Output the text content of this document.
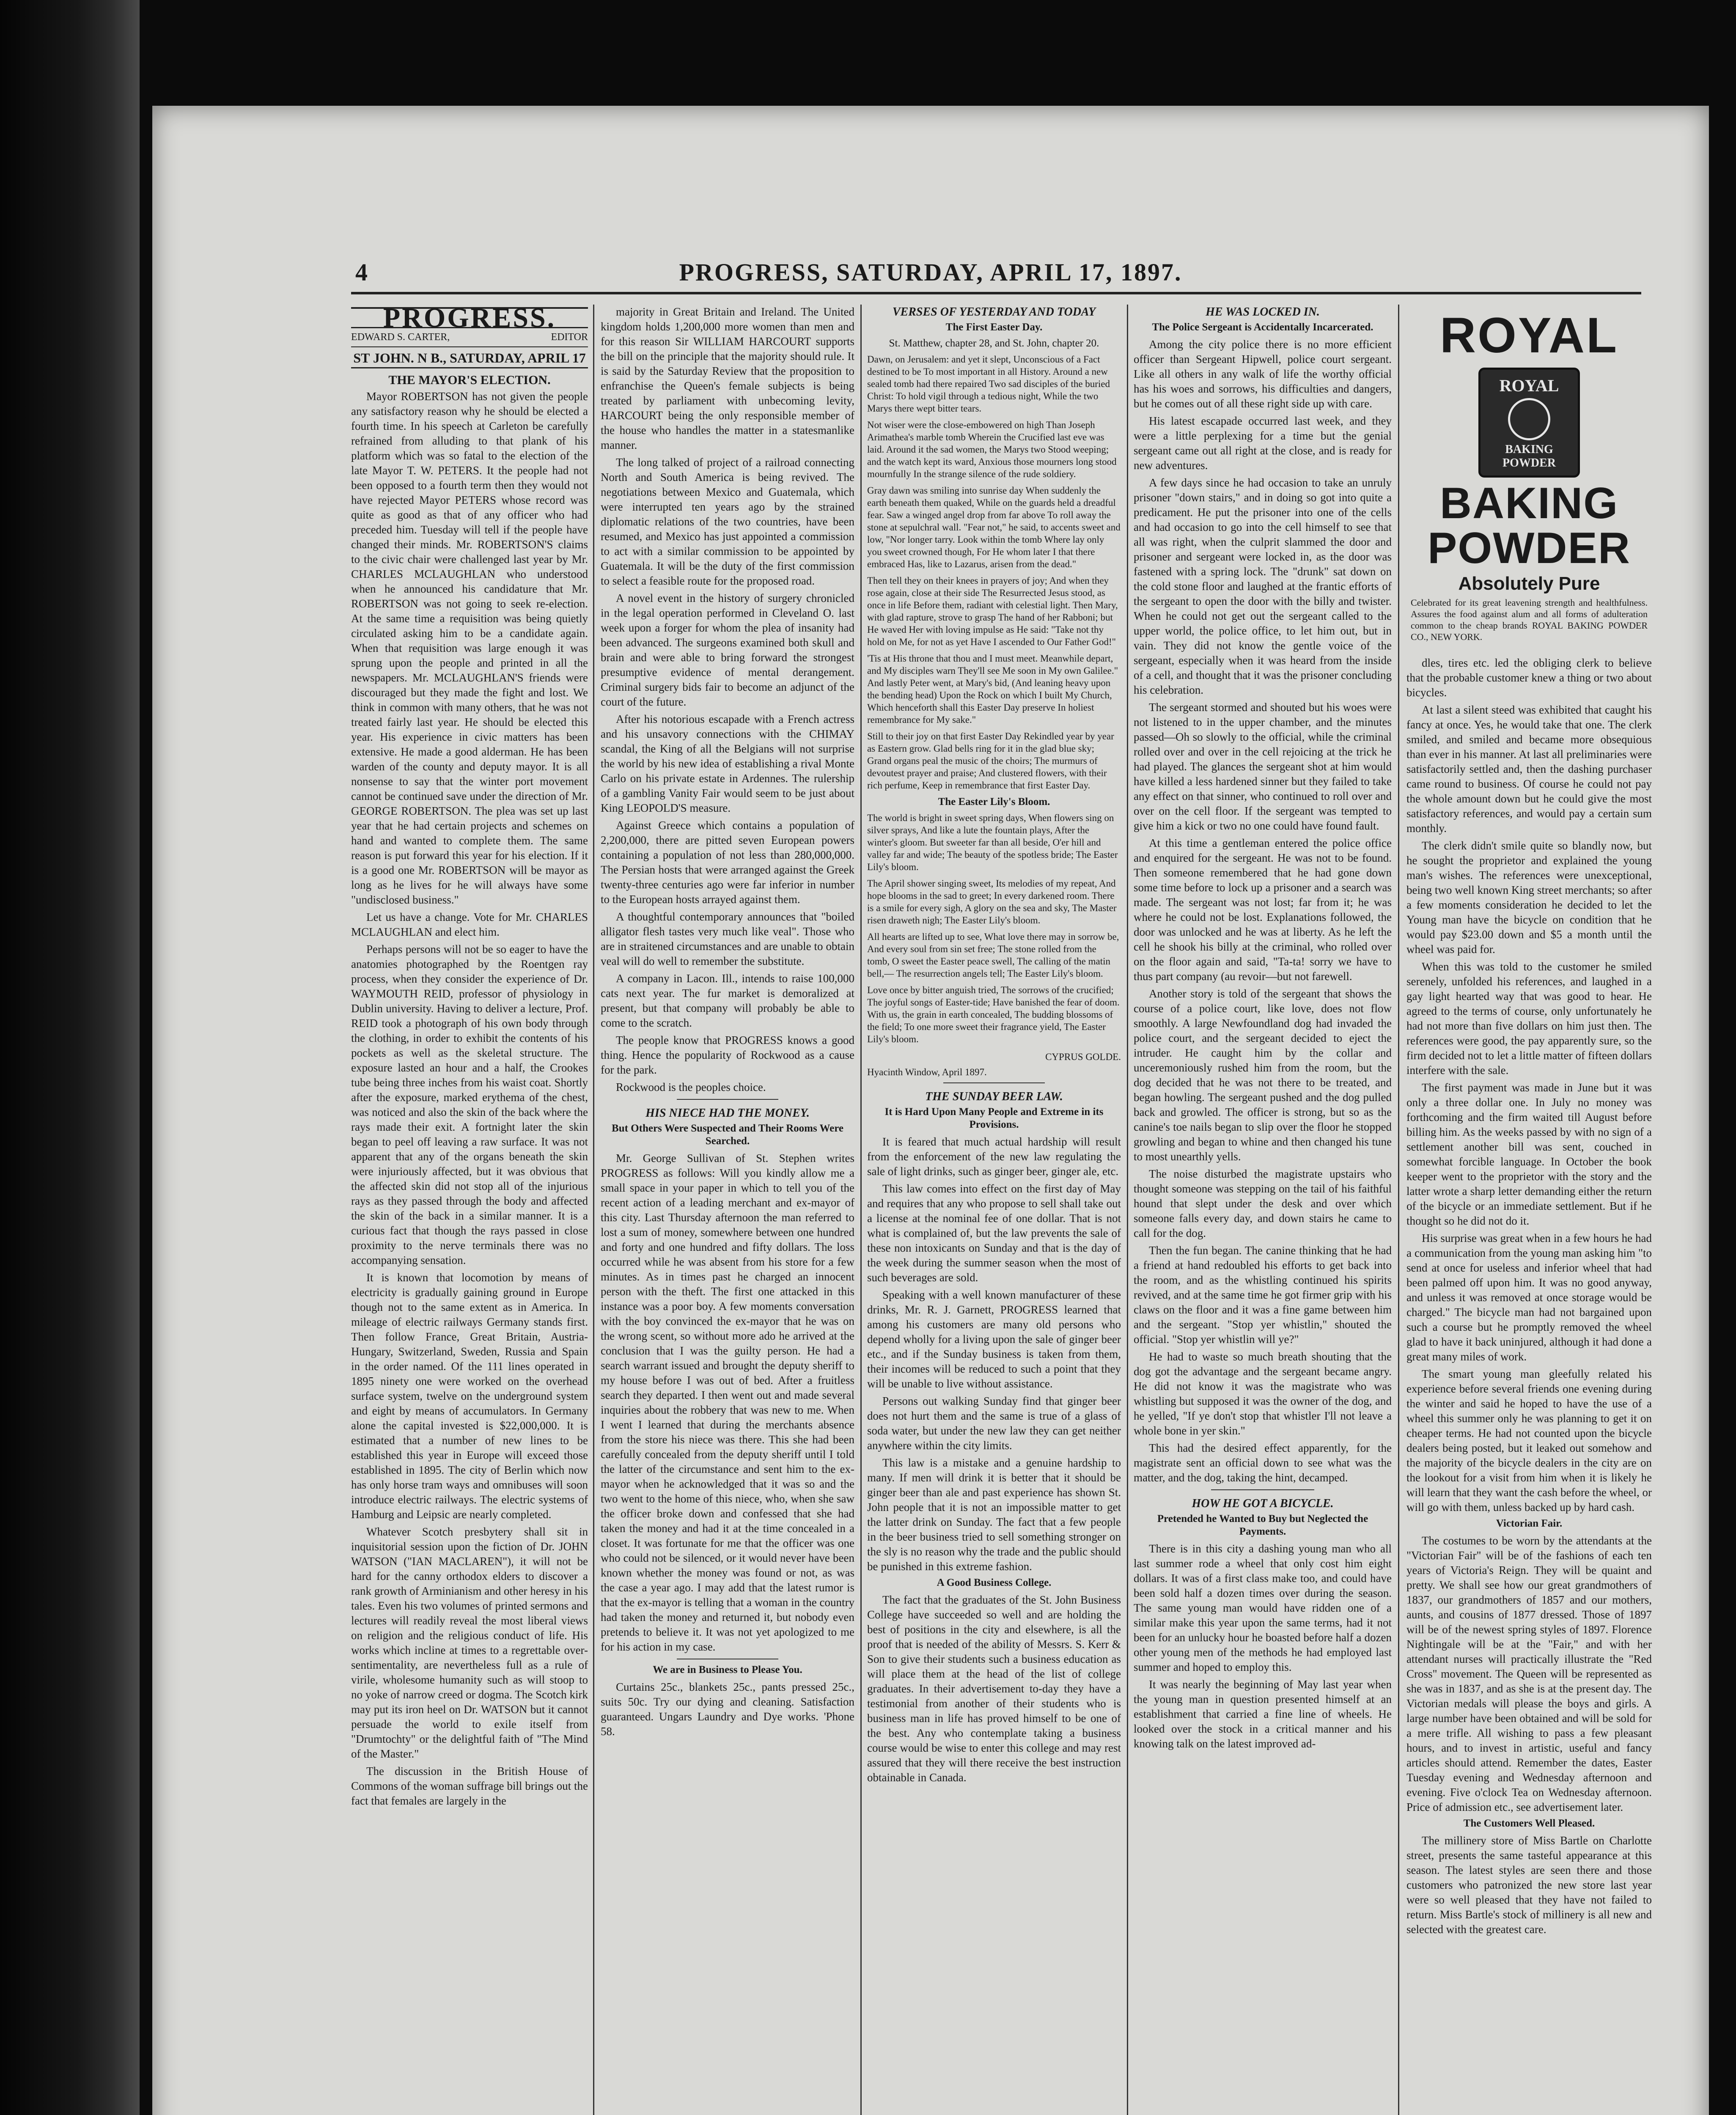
4	PROGRESS, SATURDAY, APRIL 17, 1897.
PROGRESS.
EDWARD S. CARTER,	EDITOR
ST JOHN. N B., SATURDAY, APRIL 17
THE MAYOR'S ELECTION.

Mayor ROBERTSON has not given the people any satisfactory reason why he should be elected a fourth time. In his speech at Carleton be carefully refrained from alluding to that plank of his platform which was so fatal to the election of the late Mayor T. W. PETERS. It the people had not been opposed to a fourth term then they would not have rejected Mayor PETERS whose record was quite as good as that of any officer who had preceded him. Tuesday will tell if the people have changed their minds. Mr. ROBERTSON'S claims to the civic chair were challenged last year by Mr. CHARLES MCLAUGHLAN who understood when he announced his candidature that Mr. ROBERTSON was not going to seek re-election. At the same time a requisition was being quietly circulated asking him to be a candidate again. When that requisition was large enough it was sprung upon the people and printed in all the newspapers. Mr. MCLAUGHLAN'S friends were discouraged but they made the fight and lost. We think in common with many others, that he was not treated fairly last year. He should be elected this year. His experience in civic matters has been extensive. He made a good alderman. He has been warden of the county and deputy mayor. It is all nonsense to say that the winter port movement cannot be continued save under the direction of Mr. GEORGE ROBERTSON. The plea was set up last year that he had certain projects and schemes on hand and wanted to complete them. The same reason is put forward this year for his election. If it is a good one Mr. ROBERTSON will be mayor as long as he lives for he will always have some "undisclosed business."

Let us have a change. Vote for Mr. CHARLES MCLAUGHLAN and elect him.

Perhaps persons will not be so eager to have the anatomies photographed by the Roentgen ray process, when they consider the experience of Dr. WAYMOUTH REID, professor of physiology in Dublin university. Having to deliver a lecture, Prof. REID took a photograph of his own body through the clothing, in order to exhibit the contents of his pockets as well as the skeletal structure. The exposure lasted an hour and a half, the Crookes tube being three inches from his waist coat. Shortly after the exposure, marked erythema of the chest, was noticed and also the skin of the back where the rays made their exit. A fortnight later the skin began to peel off leaving a raw surface. It was not apparent that any of the organs beneath the skin were injuriously affected, but it was obvious that the affected skin did not stop all of the injurious rays as they passed through the body and affected the skin of the back in a similar manner. It is a curious fact that though the rays passed in close proximity to the nerve terminals there was no accompanying sensation.

It is known that locomotion by means of electricity is gradually gaining ground in Europe though not to the same extent as in America. In mileage of electric railways Germany stands first. Then follow France, Great Britain, Austria-Hungary, Switzerland, Sweden, Russia and Spain in the order named. Of the 111 lines operated in 1895 ninety one were worked on the overhead surface system, twelve on the underground system and eight by means of accumulators. In Germany alone the capital invested is $22,000,000. It is estimated that a number of new lines to be established this year in Europe will exceed those established in 1895. The city of Berlin which now has only horse tram ways and omnibuses will soon introduce electric railways. The electric systems of Hamburg and Leipsic are nearly completed.

Whatever Scotch presbytery shall sit in inquisitorial session upon the fiction of Dr. JOHN WATSON ("IAN MACLAREN"), it will not be hard for the canny orthodox elders to discover a rank growth of Arminianism and other heresy in his tales. Even his two volumes of printed sermons and lectures will readily reveal the most liberal views on religion and the religious conduct of life. His works which incline at times to a regrettable over-sentimentality, are nevertheless full as a rule of virile, wholesome humanity such as will stoop to no yoke of narrow creed or dogma. The Scotch kirk may put its iron heel on Dr. WATSON but it cannot persuade the world to exile itself from "Drumtochty" or the delightful faith of "The Mind of the Master."

The discussion in the British House of Commons of the woman suffrage bill brings out the fact that females are largely in the

majority in Great Britain and Ireland. The United kingdom holds 1,200,000 more women than men and for this reason Sir WILLIAM HARCOURT supports the bill on the principle that the majority should rule. It is said by the Saturday Review that the proposition to enfranchise the Queen's female subjects is being treated by parliament with unbecoming levity, HARCOURT being the only responsible member of the house who handles the matter in a statesmanlike manner.

The long talked of project of a railroad connecting North and South America is being revived. The negotiations between Mexico and Guatemala, which were interrupted ten years ago by the strained diplomatic relations of the two countries, have been resumed, and Mexico has just appointed a commission to act with a similar commission to be appointed by Guatemala. It will be the duty of the first commission to select a feasible route for the proposed road.

A novel event in the history of surgery chronicled in the legal operation performed in Cleveland O. last week upon a forger for whom the plea of insanity had been advanced. The surgeons examined both skull and brain and were able to bring forward the strongest presumptive evidence of mental derangement. Criminal surgery bids fair to become an adjunct of the court of the future.

After his notorious escapade with a French actress and his unsavory connections with the CHIMAY scandal, the King of all the Belgians will not surprise the world by his new idea of establishing a rival Monte Carlo on his private estate in Ardennes. The rulership of a gambling Vanity Fair would seem to be just about King LEOPOLD'S measure.

Against Greece which contains a population of 2,200,000, there are pitted seven European powers containing a population of not less than 280,000,000. The Persian hosts that were arranged against the Greek twenty-three centuries ago were far inferior in number to the European hosts arrayed against them.

A thoughtful contemporary announces that "boiled alligator flesh tastes very much like veal". Those who are in straitened circumstances and are unable to obtain veal will do well to remember the substitute.

A company in Lacon. Ill., intends to raise 100,000 cats next year. The fur market is demoralized at present, but that company will probably be able to come to the scratch.

The people know that PROGRESS knows a good thing. Hence the popularity of Rockwood as a cause for the park.

Rockwood is the peoples choice.

HIS NIECE HAD THE MONEY.
But Others Were Suspected and Their Rooms Were Searched.

Mr. George Sullivan of St. Stephen writes PROGRESS as follows: Will you kindly allow me a small space in your paper in which to tell you of the recent action of a leading merchant and ex-mayor of this city. Last Thursday afternoon the man referred to lost a sum of money, somewhere between one hundred and forty and one hundred and fifty dollars. The loss occurred while he was absent from his store for a few minutes. As in times past he charged an innocent person with the theft. The first one attacked in this instance was a poor boy. A few moments conversation with the boy convinced the ex-mayor that he was on the wrong scent, so without more ado he arrived at the conclusion that I was the guilty person. He had a search warrant issued and brought the deputy sheriff to my house before I was out of bed. After a fruitless search they departed. I then went out and made several inquiries about the robbery that was new to me. When I went I learned that during the merchants absence from the store his niece was there. This she had been carefully concealed from the deputy sheriff until I told the latter of the circumstance and sent him to the ex-mayor when he acknowledged that it was so and the two went to the home of this niece, who, when she saw the officer broke down and confessed that she had taken the money and had it at the time concealed in a closet. It was fortunate for me that the officer was one who could not be silenced, or it would never have been known whether the money was found or not, as was the case a year ago. I may add that the latest rumor is that the ex-mayor is telling that a woman in the country had taken the money and returned it, but nobody even pretends to believe it. It was not yet apologized to me for his action in my case.

We are in Business to Please You.

Curtains 25c., blankets 25c., pants pressed 25c., suits 50c. Try our dying and cleaning. Satisfaction guaranteed. Ungars Laundry and Dye works. 'Phone 58.

VERSES OF YESTERDAY AND TODAY
The First Easter Day.
St. Matthew, chapter 28, and St. John, chapter 20.

Dawn, on Jerusalem: and yet it slept, Unconscious of a Fact destined to be To most important in all History. Around a new sealed tomb had there repaired Two sad disciples of the buried Christ: To hold vigil through a tedious night, While the two Marys there wept bitter tears.

Not wiser were the close-embowered on high Than Joseph Arimathea's marble tomb Wherein the Crucified last eve was laid. Around it the sad women, the Marys two Stood weeping; and the watch kept its ward, Anxious those mourners long stood mournfully In the strange silence of the rude soldiery.

Gray dawn was smiling into sunrise day When suddenly the earth beneath them quaked, While on the guards held a dreadful fear. Saw a winged angel drop from far above To roll away the stone at sepulchral wall. "Fear not," he said, to accents sweet and low, "Nor longer tarry. Look within the tomb Where lay only you sweet crowned though, For He whom later I that there embraced Has, like to Lazarus, arisen from the dead."

Then tell they on their knees in prayers of joy; And when they rose again, close at their side The Resurrected Jesus stood, as once in life Before them, radiant with celestial light. Then Mary, with glad rapture, strove to grasp The hand of her Rabboni; but He waved Her with loving impulse as He said: "Take not thy hold on Me, for not as yet Have I ascended to Our Father God!"

'Tis at His throne that thou and I must meet. Meanwhile depart, and My disciples warn They'll see Me soon in My own Galilee." And lastly Peter went, at Mary's bid, (And leaning heavy upon the bending head) Upon the Rock on which I built My Church, Which henceforth shall this Easter Day preserve In holiest remembrance for My sake."

Still to their joy on that first Easter Day Rekindled year by year as Eastern grow. Glad bells ring for it in the glad blue sky; Grand organs peal the music of the choirs; The murmurs of devoutest prayer and praise; And clustered flowers, with their rich perfume, Keep in remembrance that first Easter Day.

The Easter Lily's Bloom.

The world is bright in sweet spring days, When flowers sing on silver sprays, And like a lute the fountain plays, After the winter's gloom. But sweeter far than all beside, O'er hill and valley far and wide; The beauty of the spotless bride; The Easter Lily's bloom.

The April shower singing sweet, Its melodies of my repeat, And hope blooms in the sad to greet; In every darkened room. There is a smile for every sigh, A glory on the sea and sky, The Master risen draweth nigh; The Easter Lily's bloom.

All hearts are lifted up to see, What love there may in sorrow be, And every soul from sin set free; The stone rolled from the tomb, O sweet the Easter peace swell, The calling of the matin bell,— The resurrection angels tell; The Easter Lily's bloom.

Love once by bitter anguish tried, The sorrows of the crucified; The joyful songs of Easter-tide; Have banished the fear of doom. With us, the grain in earth concealed, The budding blossoms of the field; To one more sweet their fragrance yield, The Easter Lily's bloom.

CYPRUS GOLDE.
Hyacinth Window, April 1897.
THE SUNDAY BEER LAW.
It is Hard Upon Many People and Extreme in its Provisions.

It is feared that much actual hardship will result from the enforcement of the new law regulating the sale of light drinks, such as ginger beer, ginger ale, etc.

This law comes into effect on the first day of May and requires that any who propose to sell shall take out a license at the nominal fee of one dollar. That is not what is complained of, but the law prevents the sale of these non intoxicants on Sunday and that is the day of the week during the summer season when the most of such beverages are sold.

Speaking with a well known manufacturer of these drinks, Mr. R. J. Garnett, PROGRESS learned that among his customers are many old persons who depend wholly for a living upon the sale of ginger beer etc., and if the Sunday business is taken from them, their incomes will be reduced to such a point that they will be unable to live without assistance.

Persons out walking Sunday find that ginger beer does not hurt them and the same is true of a glass of soda water, but under the new law they can get neither anywhere within the city limits.

This law is a mistake and a genuine hardship to many. If men will drink it is better that it should be ginger beer than ale and past experience has shown St. John people that it is not an impossible matter to get the latter drink on Sunday. The fact that a few people in the beer business tried to sell something stronger on the sly is no reason why the trade and the public should be punished in this extreme fashion.

A Good Business College.

The fact that the graduates of the St. John Business College have succeeded so well and are holding the best of positions in the city and elsewhere, is all the proof that is needed of the ability of Messrs. S. Kerr & Son to give their students such a business education as will place them at the head of the list of college graduates. In their advertisement to-day they have a testimonial from another of their students who is business man in life has proved himself to be one of the best. Any who contemplate taking a business course would be wise to enter this college and may rest assured that they will there receive the best instruction obtainable in Canada.

HE WAS LOCKED IN.
The Police Sergeant is Accidentally Incarcerated.

Among the city police there is no more efficient officer than Sergeant Hipwell, police court sergeant. Like all others in any walk of life the worthy official has his woes and sorrows, his difficulties and dangers, but he comes out of all these right side up with care.

His latest escapade occurred last week, and they were a little perplexing for a time but the genial sergeant came out all right at the close, and is ready for new adventures.

A few days since he had occasion to take an unruly prisoner "down stairs," and in doing so got into quite a predicament. He put the prisoner into one of the cells and had occasion to go into the cell himself to see that all was right, when the culprit slammed the door and prisoner and sergeant were locked in, as the door was fastened with a spring lock. The "drunk" sat down on the cold stone floor and laughed at the frantic efforts of the sergeant to open the door with the billy and twister. When he could not get out the sergeant called to the upper world, the police office, to let him out, but in vain. They did not know the gentle voice of the sergeant, especially when it was heard from the inside of a cell, and thought that it was the prisoner concluding his celebration.

The sergeant stormed and shouted but his woes were not listened to in the upper chamber, and the minutes passed—Oh so slowly to the official, while the criminal rolled over and over in the cell rejoicing at the trick he had played. The glances the sergeant shot at him would have killed a less hardened sinner but they failed to take any effect on that sinner, who continued to roll over and over on the cell floor. If the sergeant was tempted to give him a kick or two no one could have found fault.

At this time a gentleman entered the police office and enquired for the sergeant. He was not to be found. Then someone remembered that he had gone down some time before to lock up a prisoner and a search was made. The sergeant was not lost; far from it; he was where he could not be lost. Explanations followed, the door was unlocked and he was at liberty. As he left the cell he shook his billy at the criminal, who rolled over on the floor again and said, "Ta-ta! sorry we have to thus part company (au revoir—but not farewell.

Another story is told of the sergeant that shows the course of a police court, like love, does not flow smoothly. A large Newfoundland dog had invaded the police court, and the sergeant decided to eject the intruder. He caught him by the collar and unceremoniously rushed him from the room, but the dog decided that he was not there to be treated, and began howling. The sergeant pushed and the dog pulled back and growled. The officer is strong, but so as the canine's toe nails began to slip over the floor he stopped growling and began to whine and then changed his tune to most unearthly yells.

The noise disturbed the magistrate upstairs who thought someone was stepping on the tail of his faithful hound that slept under the desk and over which someone falls every day, and down stairs he came to call for the dog.

Then the fun began. The canine thinking that he had a friend at hand redoubled his efforts to get back into the room, and as the whistling continued his spirits revived, and at the same time he got firmer grip with his claws on the floor and it was a fine game between him and the sergeant. "Stop yer whistlin," shouted the official. "Stop yer whistlin will ye?"

He had to waste so much breath shouting that the dog got the advantage and the sergeant became angry. He did not know it was the magistrate who was whistling but supposed it was the owner of the dog, and he yelled, "If ye don't stop that whistler I'll not leave a whole bone in yer skin."

This had the desired effect apparently, for the magistrate sent an official down to see what was the matter, and the dog, taking the hint, decamped.

HOW HE GOT A BICYCLE.
Pretended he Wanted to Buy but Neglected the Payments.

There is in this city a dashing young man who all last summer rode a wheel that only cost him eight dollars. It was of a first class make too, and could have been sold half a dozen times over during the season. The same young man would have ridden one of a similar make this year upon the same terms, had it not been for an unlucky hour he boasted before half a dozen other young men of the methods he had employed last summer and hoped to employ this.

It was nearly the beginning of May last year when the young man in question presented himself at an establishment that carried a fine line of wheels. He looked over the stock in a critical manner and his knowing talk on the latest improved ad-

ROYAL
ROYAL
BAKING POWDER
BAKING
POWDER
Absolutely Pure
Celebrated for its great leavening strength and healthfulness. Assures the food against alum and all forms of adulteration common to the cheap brands ROYAL BAKING POWDER CO., NEW YORK.

dles, tires etc. led the obliging clerk to believe that the probable customer knew a thing or two about bicycles.

At last a silent steed was exhibited that caught his fancy at once. Yes, he would take that one. The clerk smiled, and smiled and became more obsequious than ever in his manner. At last all preliminaries were satisfactorily settled and, then the dashing purchaser came round to business. Of course he could not pay the whole amount down but he could give the most satisfactory references, and would pay a certain sum monthly.

The clerk didn't smile quite so blandly now, but he sought the proprietor and explained the young man's wishes. The references were unexceptional, being two well known King street merchants; so after a few moments consideration he decided to let the Young man have the bicycle on condition that he would pay $23.00 down and $5 a month until the wheel was paid for.

When this was told to the customer he smiled serenely, unfolded his references, and laughed in a gay light hearted way that was good to hear. He agreed to the terms of course, only unfortunately he had not more than five dollars on him just then. The references were good, the pay apparently sure, so the firm decided not to let a little matter of fifteen dollars interfere with the sale.

The first payment was made in June but it was only a three dollar one. In July no money was forthcoming and the firm waited till August before billing him. As the weeks passed by with no sign of a settlement another bill was sent, couched in somewhat forcible language. In October the book keeper went to the proprietor with the story and the latter wrote a sharp letter demanding either the return of the bicycle or an immediate settlement. But if he thought so he did not do it.

His surprise was great when in a few hours he had a communication from the young man asking him "to send at once for useless and inferior wheel that had been palmed off upon him. It was no good anyway, and unless it was removed at once storage would be charged." The bicycle man had not bargained upon such a course but he promptly removed the wheel glad to have it back uninjured, although it had done a great many miles of work.

The smart young man gleefully related his experience before several friends one evening during the winter and said he hoped to have the use of a wheel this summer only he was planning to get it on cheaper terms. He had not counted upon the bicycle dealers being posted, but it leaked out somehow and the majority of the bicycle dealers in the city are on the lookout for a visit from him when it is likely he will learn that they want the cash before the wheel, or will go with them, unless backed up by hard cash.

Victorian Fair.

The costumes to be worn by the attendants at the "Victorian Fair" will be of the fashions of each ten years of Victoria's Reign. They will be quaint and pretty. We shall see how our great grandmothers of 1837, our grandmothers of 1857 and our mothers, aunts, and cousins of 1877 dressed. Those of 1897 will be of the newest spring styles of 1897. Florence Nightingale will be at the "Fair," and with her attendant nurses will practically illustrate the "Red Cross" movement. The Queen will be represented as she was in 1837, and as she is at the present day. The Victorian medals will please the boys and girls. A large number have been obtained and will be sold for a mere trifle. All wishing to pass a few pleasant hours, and to invest in artistic, useful and fancy articles should attend. Remember the dates, Easter Tuesday evening and Wednesday afternoon and evening. Five o'clock Tea on Wednesday afternoon. Price of admission etc., see advertisement later.

The Customers Well Pleased.

The millinery store of Miss Bartle on Charlotte street, presents the same tasteful appearance at this season. The latest styles are seen there and those customers who patronized the new store last year were so well pleased that they have not failed to return. Miss Bartle's stock of millinery is all new and selected with the greatest care.
